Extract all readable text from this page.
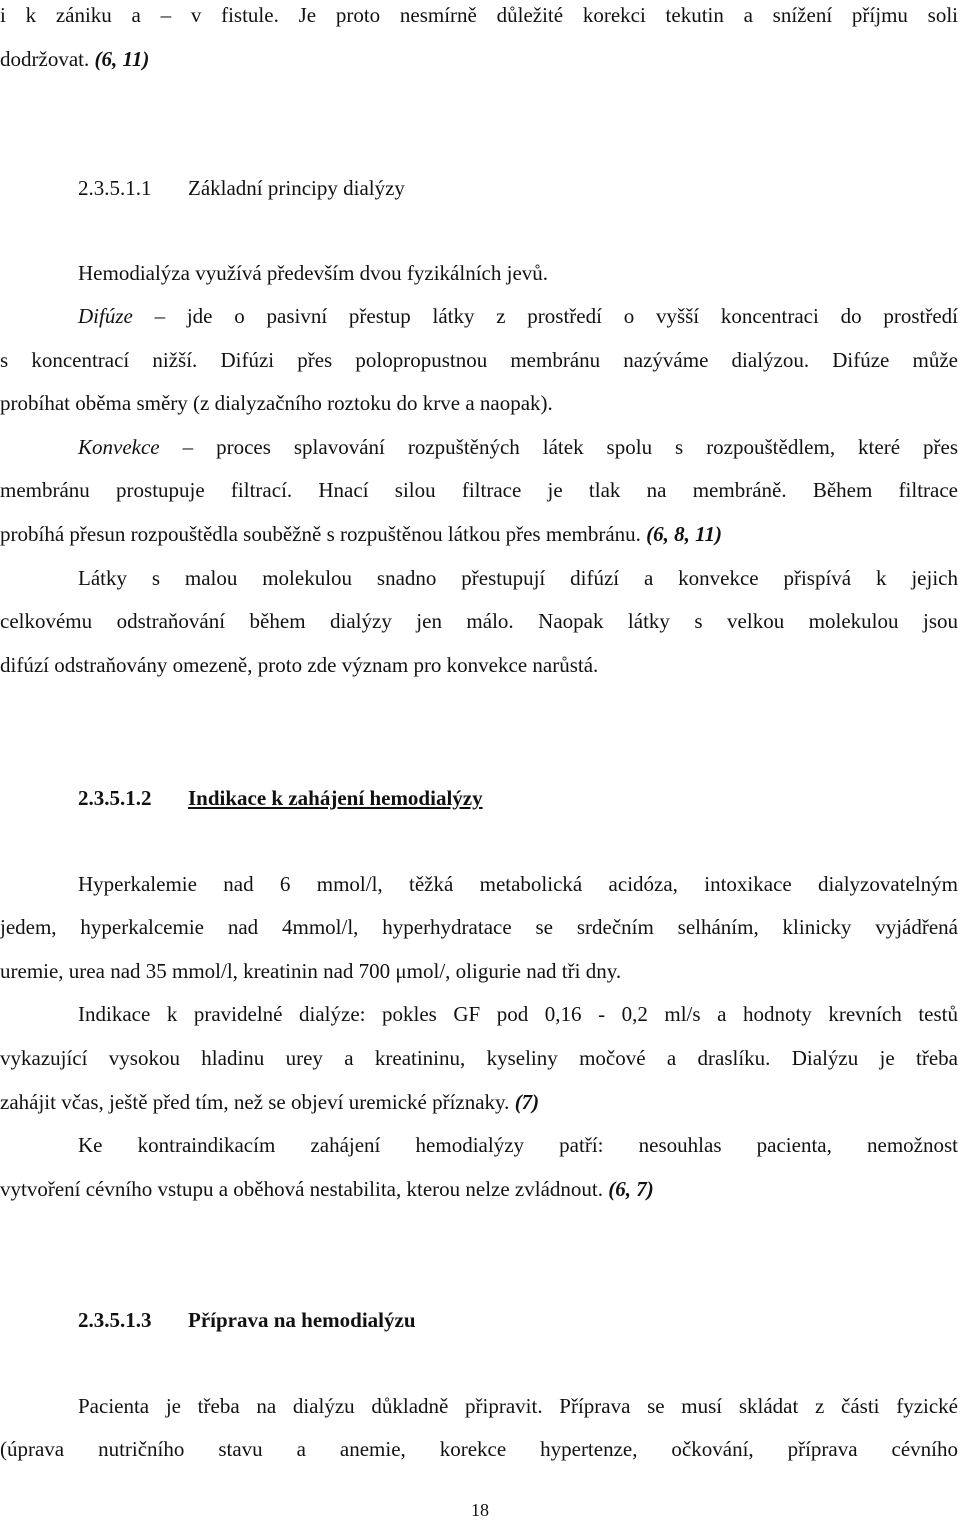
i k zániku a – v fistule. Je proto nesmírně důležité korekci tekutin a snížení příjmu soli
dodržovat. (6, 11)
2.3.5.1.1 Základní principy dialýzy
Hemodialýza využívá především dvou fyzikálních jevů.
Difúze – jde o pasivní přestup látky z prostředí o vyšší koncentraci do prostředí
s koncentrací nižší. Difúzi přes polopropustnou membránu nazýváme dialýzou. Difúze může
probíhat oběma směry (z dialyzačního roztoku do krve a naopak).
Konvekce – proces splavování rozpuštěných látek spolu s rozpouštědlem, které přes
membránu prostupuje filtrací. Hnací silou filtrace je tlak na membráně. Během filtrace
probíhá přesun rozpouštědla souběžně s rozpuštěnou látkou přes membránu. (6, 8, 11)
Látky s malou molekulou snadno přestupují difúzí a konvekce přispívá k jejich
celkovému odstraňování během dialýzy jen málo. Naopak látky s velkou molekulou jsou
difúzí odstraňovány omezeně, proto zde význam pro konvekce narůstá.
2.3.5.1.2 Indikace k zahájení hemodialýzy
Hyperkalemie nad 6 mmol/l, těžká metabolická acidóza, intoxikace dialyzovatelným
jedem, hyperkalcemie nad 4mmol/l, hyperhydratace se srdečním selháním, klinicky vyjádřená
uremie, urea nad 35 mmol/l, kreatinin nad 700 μmol/, oligurie nad tři dny.
Indikace k pravidelné dialýze: pokles GF pod 0,16 - 0,2 ml/s a hodnoty krevních testů
vykazující vysokou hladinu urey a kreatininu, kyseliny močové a draslíku. Dialýzu je třeba
zahájit včas, ještě před tím, než se objeví uremické příznaky. (7)
Ke kontraindikacím zahájení hemodialýzy patří: nesouhlas pacienta, nemožnost
vytvoření cévního vstupu a oběhová nestabilita, kterou nelze zvládnout. (6, 7)
2.3.5.1.3 Příprava na hemodialýzu
Pacienta je třeba na dialýzu důkladně připravit. Příprava se musí skládat z části fyzické
(úprava nutričního stavu a anemie, korekce hypertenze, očkování, příprava cévního
18
